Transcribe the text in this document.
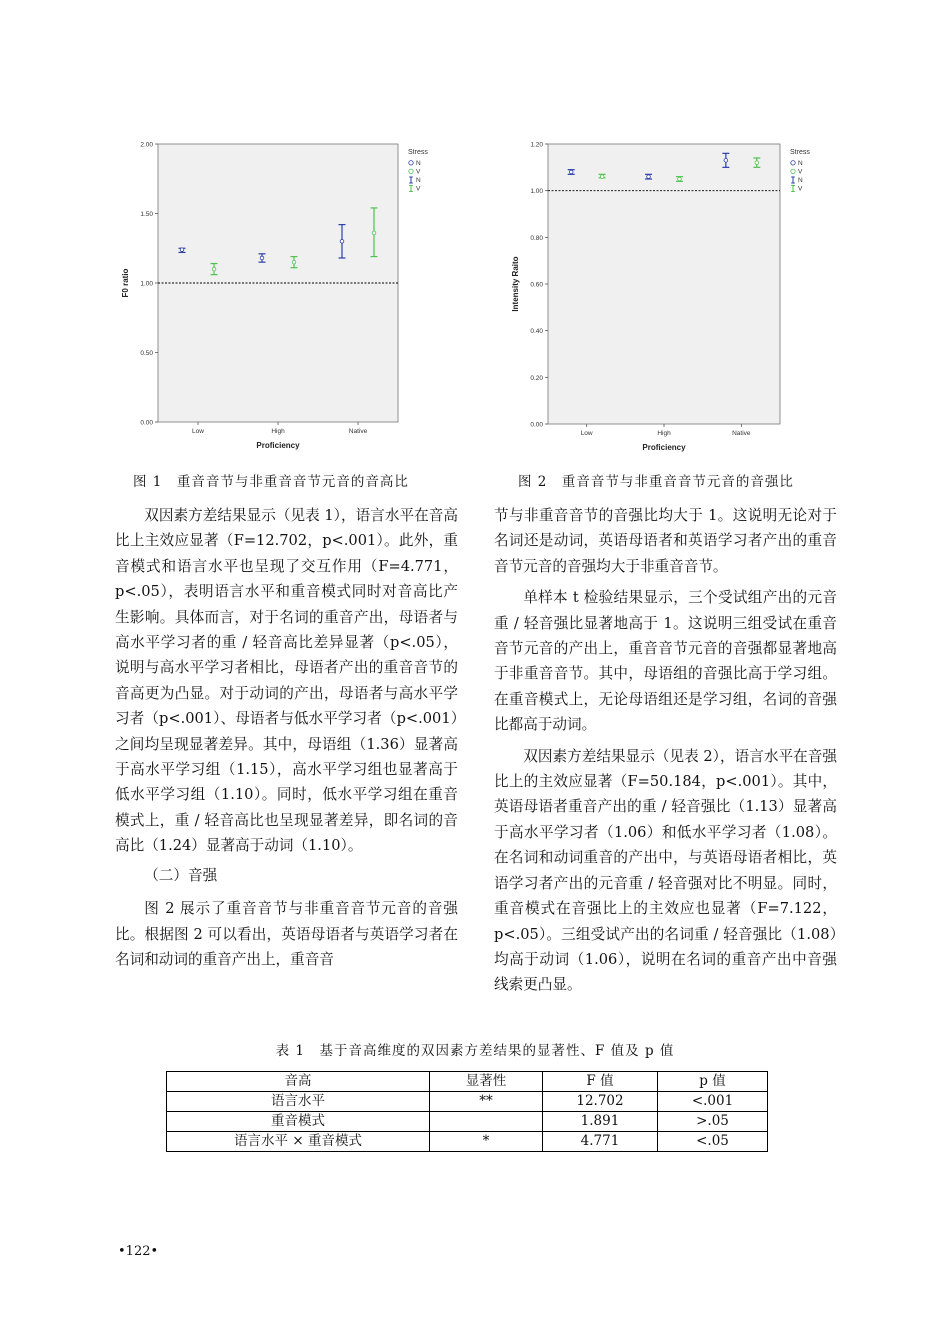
0.00
0.50
1.00
1.50
2.00
Low	High	Native
Proficiency
F0 ratio
Stress
N
V
N
V
图 1　重音音节与非重音音节元音的音高比
0.00
0.20
0.40
0.60
0.80
1.00
1.20
Low	High	Native
Proficiency
Intensity Raito
Stress
N
V
N
V
图 2　重音音节与非重音音节元音的音强比

双因素方差结果显示（见表 1），语言水平在音高比上主效应显著（F=12.702，p<.001）。此外，重音模式和语言水平也呈现了交互作用（F=4.771，p<.05），表明语言水平和重音模式同时对音高比产生影响。具体而言，对于名词的重音产出，母语者与高水平学习者的重 / 轻音高比差异显著（p<.05），说明与高水平学习者相比，母语者产出的重音音节的音高更为凸显。对于动词的产出，母语者与高水平学习者（p<.001）、母语者与低水平学习者（p<.001）之间均呈现显著差异。其中，母语组（1.36）显著高于高水平学习组（1.15），高水平学习组也显著高于低水平学习组（1.10）。同时，低水平学习组在重音模式上，重 / 轻音高比也呈现显著差异，即名词的音高比（1.24）显著高于动词（1.10）。

（二）音强

图 2 展示了重音音节与非重音音节元音的音强比。根据图 2 可以看出，英语母语者与英语学习者在名词和动词的重音产出上，重音音

节与非重音音节的音强比均大于 1。这说明无论对于名词还是动词，英语母语者和英语学习者产出的重音音节元音的音强均大于非重音音节。

单样本 t 检验结果显示，三个受试组产出的元音重 / 轻音强比显著地高于 1。这说明三组受试在重音音节元音的产出上，重音音节元音的音强都显著地高于非重音音节。其中，母语组的音强比高于学习组。在重音模式上，无论母语组还是学习组，名词的音强比都高于动词。

双因素方差结果显示（见表 2），语言水平在音强比上的主效应显著（F=50.184，p<.001）。其中，英语母语者重音产出的重 / 轻音强比（1.13）显著高于高水平学习者（1.06）和低水平学习者（1.08）。在名词和动词重音的产出中，与英语母语者相比，英语学习者产出的元音重 / 轻音强对比不明显。同时，重音模式在音强比上的主效应也显著（F=7.122，p<.05）。三组受试产出的名词重 / 轻音强比（1.08）均高于动词（1.06），说明在名词的重音产出中音强线索更凸显。

表 1　基于音高维度的双因素方差结果的显著性、F 值及 p 值
音高	显著性	F 值	p 值
语言水平	**	12.702	<.001
重音模式		1.891	>.05
语言水平 × 重音模式	*	4.771	<.05
•122•
